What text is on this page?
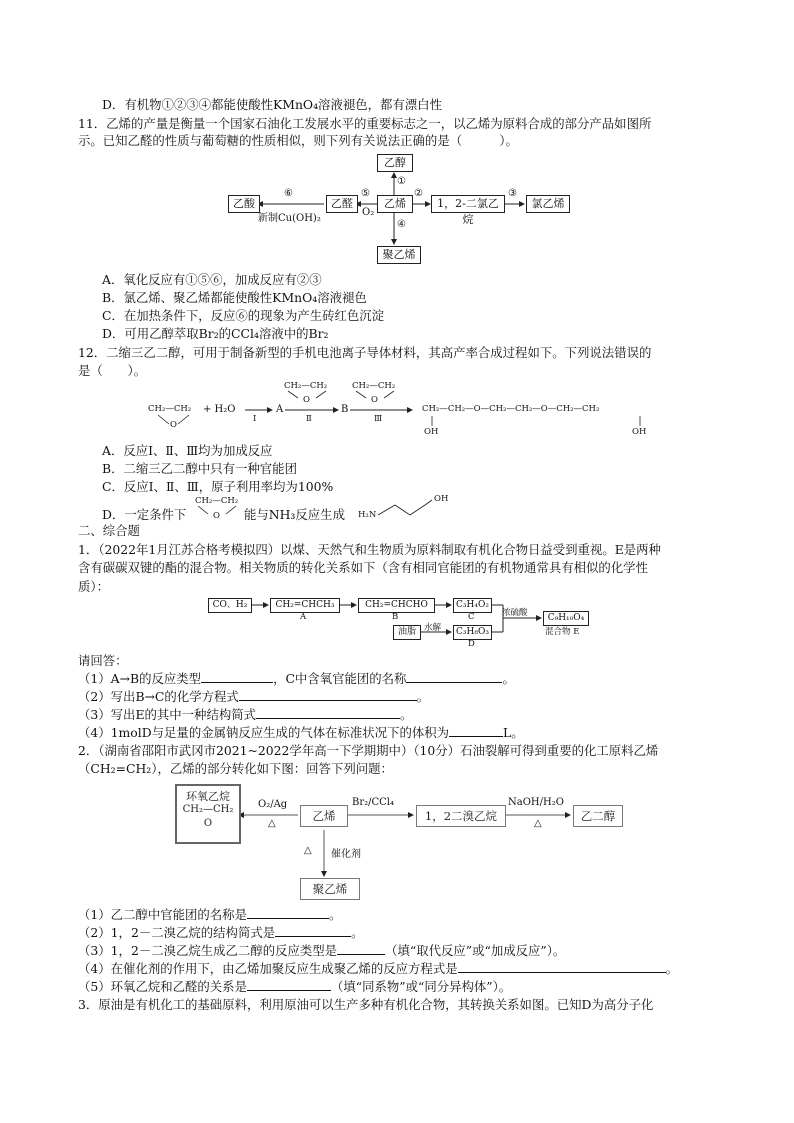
D．有机物①②③④都能使酸性KMnO₄溶液褪色，都有漂白性
11．乙烯的产量是衡量一个国家石油化工发展水平的重要标志之一，以乙烯为原料合成的部分产品如图所
示。已知乙醛的性质与葡萄糖的性质相似，则下列有关说法正确的是（　　　）。
乙醇
乙烯
乙醛
乙酸	1，2-二氯乙烷
氯乙烯
聚乙烯
①
②	③
④
⑤
O₂
⑥
新制Cu(OH)₂
A．氧化反应有①⑤⑥，加成反应有②③
B．氯乙烯、聚乙烯都能使酸性KMnO₄溶液褪色
C．在加热条件下，反应⑥的现象为产生砖红色沉淀
D．可用乙醇萃取Br₂的CCl₄溶液中的Br₂
12．二缩三乙二醇，可用于制备新型的手机电池离子导体材料，其高产率合成过程如下。下列说法错误的
是（　　）。
CH₂—CH₂
O
+ H₂O
Ⅰ
A
CH₂—CH₂
O
Ⅱ
B
CH₂—CH₂
O
Ⅲ
CH₂—CH₂—O—CH₂—CH₂—O—CH₂—CH₂
OH	OH
A．反应Ⅰ、Ⅱ、Ⅲ均为加成反应
B．二缩三乙二醇中只有一种官能团
C．反应Ⅰ、Ⅱ、Ⅲ，原子利用率均为100%
D．一定条件下
CH₂—CH₂
O 能与NH₃反应生成 H₂N
OH
二、综合题
1．（2022年1月江苏合格考模拟四）以煤、天然气和生物质为原料制取有机化合物日益受到重视。E是两种
含有碳碳双键的酯的混合物。相关物质的转化关系如下（含有相同官能团的有机物通常具有相似的化学性
质）：
CO、H₂	CH₂=CHCH₃
A
CH₂=CHCHO
B
C₃H₄O₂
C
油脂 水解	C₃H₈O₃
D
浓硫酸	C₉H₁₀O₄
混合物 E
请回答：
（1）A→B的反应类型	，C中含氧官能团的名称	。
（2）写出B→C的化学方程式	。
（3）写出E的其中一种结构简式	。
（4）1molD与足量的金属钠反应生成的气体在标准状况下的体积为	L。
2．（湖南省邵阳市武冈市2021~2022学年高一下学期期中）（10分）石油裂解可得到重要的化工原料乙烯
（CH₂=CH₂），乙烯的部分转化如下图：回答下列问题：
环氧乙烷
CH₂—CH₂
O
O₂/Ag
△
乙烯
Br₂/CCl₄
1，2二溴乙烷
NaOH/H₂O
△
乙二醇
△ 催化剂
聚乙烯
（1）乙二醇中官能团的名称是	。
（2）1，2－二溴乙烷的结构简式是	。
（3）1，2－二溴乙烷生成乙二醇的反应类型是	（填“取代反应”或“加成反应”）。
（4）在催化剂的作用下，由乙烯加聚反应生成聚乙烯的反应方程式是	。
（5）环氧乙烷和乙醛的关系是	（填“同系物”或“同分异构体”）。
3．原油是有机化工的基础原料，利用原油可以生产多种有机化合物，其转换关系如图。已知D为高分子化
